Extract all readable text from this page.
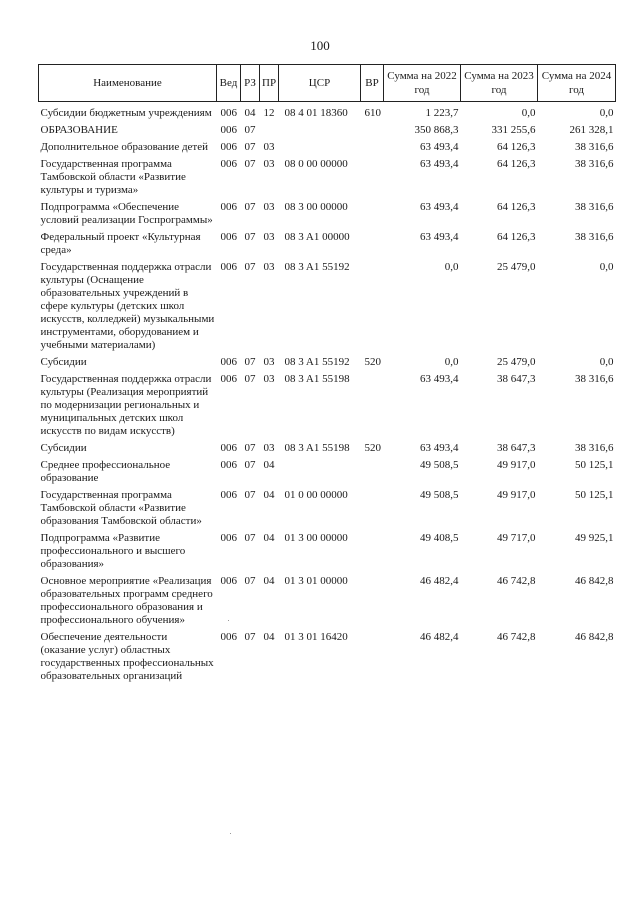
100
Наименование	Вед	РЗ	ПР	ЦСР	ВР	Сумма на 2022 год	Сумма на 2023 год	Сумма на 2024 год
Субсидии бюджетным учреждениям	006	04	12	08 4 01 18360	610	1 223,7	0,0	0,0
ОБРАЗОВАНИЕ	006	07				350 868,3	331 255,6	261 328,1
Дополнительное образование детей	006	07	03			63 493,4	64 126,3	38 316,6
Государственная программа Тамбовской области «Развитие культуры и туризма»	006	07	03	08 0 00 00000		63 493,4	64 126,3	38 316,6
Подпрограмма «Обеспечение условий реализации Госпрограммы»	006	07	03	08 3 00 00000		63 493,4	64 126,3	38 316,6
Федеральный проект «Культурная среда»	006	07	03	08 3 A1 00000		63 493,4	64 126,3	38 316,6
Государственная поддержка отрасли культуры (Оснащение образовательных учреждений в сфере культуры (детских школ искусств, колледжей) музыкальными инструментами, оборудованием и учебными материалами)	006	07	03	08 3 A1 55192		0,0	25 479,0	0,0
Субсидии	006	07	03	08 3 A1 55192	520	0,0	25 479,0	0,0
Государственная поддержка отрасли культуры (Реализация мероприятий по модернизации региональных и муниципальных детских школ искусств по видам искусств)	006	07	03	08 3 A1 55198		63 493,4	38 647,3	38 316,6
Субсидии	006	07	03	08 3 A1 55198	520	63 493,4	38 647,3	38 316,6
Среднее профессиональное образование	006	07	04			49 508,5	49 917,0	50 125,1
Государственная программа Тамбовской области «Развитие образования Тамбовской области»	006	07	04	01 0 00 00000		49 508,5	49 917,0	50 125,1
Подпрограмма «Развитие профессионального и высшего образования»	006	07	04	01 3 00 00000		49 408,5	49 717,0	49 925,1
Основное мероприятие «Реализация образовательных программ среднего профессионального образования и профессионального обучения»	006	07	04	01 3 01 00000		46 482,4	46 742,8	46 842,8
Обеспечение деятельности (оказание услуг) областных государственных профессиональных образовательных организаций	006	07	04	01 3 01 16420		46 482,4	46 742,8	46 842,8
